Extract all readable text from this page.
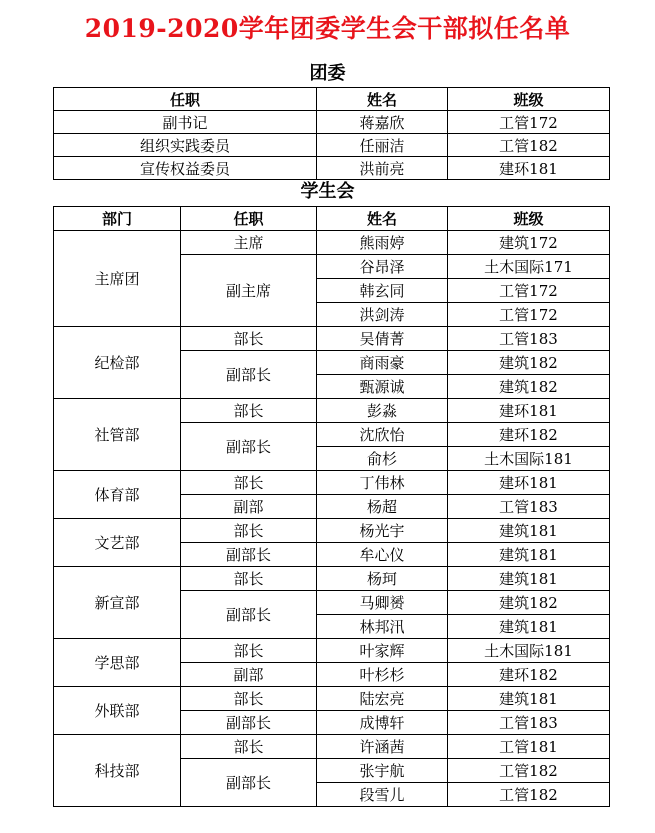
2019-2020学年团委学生会干部拟任名单
团委
任职	姓名	班级
副书记	蒋嘉欣	工管172
组织实践委员	任丽洁	工管182
宣传权益委员	洪前亮	建环181
学生会
部门	任职	姓名	班级
主席团	主席	熊雨婷	建筑172
	副主席	谷昂泽	土木国际171
		韩玄同	工管172
		洪剑涛	工管172
纪检部	部长	吴倩菁	工管183
	副部长	商雨豪	建筑182
		甄源诚	建筑182
社管部	部长	彭淼	建环181
	副部长	沈欣怡	建环182
		俞杉	土木国际181
体育部	部长	丁伟林	建环181
	副部	杨超	工管183
文艺部	部长	杨光宇	建筑181
	副部长	牟心仪	建筑181
新宣部	部长	杨珂	建筑181
	副部长	马卿赟	建筑182
		林邦汛	建筑181
学思部	部长	叶家辉	土木国际181
	副部	叶杉杉	建环182
外联部	部长	陆宏亮	建筑181
	副部长	成博轩	工管183
科技部	部长	许涵茜	工管181
	副部长	张宇航	工管182
		段雪儿	工管182
